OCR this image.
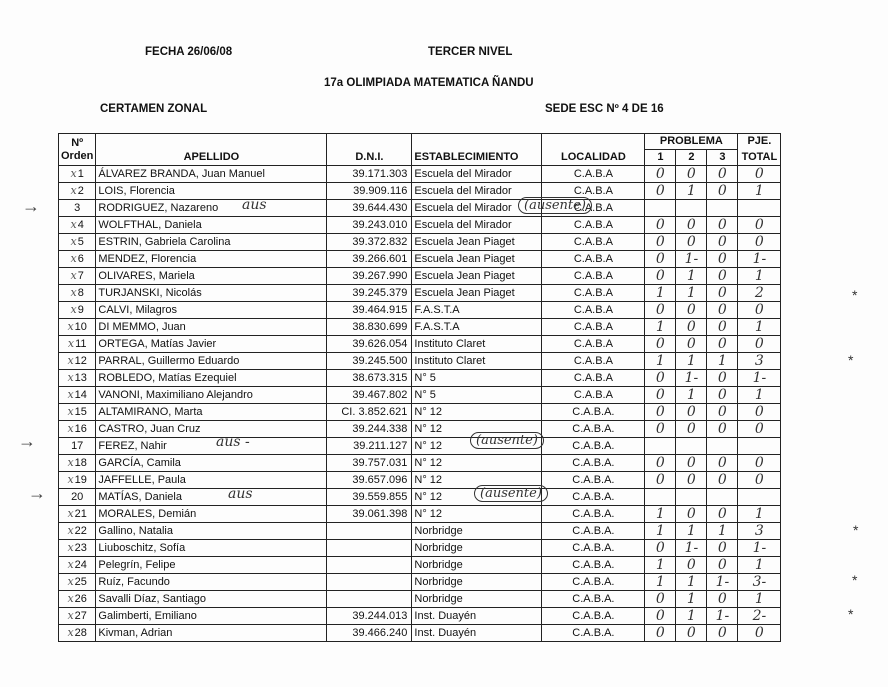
FECHA 26/06/08	TERCER NIVEL
17a OLIMPIADA MATEMATICA ÑANDU
CERTAMEN ZONAL	SEDE ESC Nº 4 DE 16
Nº Orden	APELLIDO	D.N.I.	ESTABLECIMIENTO	LOCALIDAD	PROBLEMA			PJE.
					1	2	3	TOTAL
x1	ÁLVAREZ BRANDA, Juan Manuel	39.171.303	Escuela del Mirador	C.A.B.A	0	0	0	0
x2	LOIS, Florencia	39.909.116	Escuela del Mirador	C.A.B.A	0	1	0	1
3	RODRIGUEZ, Nazareno	39.644.430	Escuela del Mirador	C.A.B.A				
x4	WOLFTHAL, Daniela	39.243.010	Escuela del Mirador	C.A.B.A	0	0	0	0
x5	ESTRIN, Gabriela Carolina	39.372.832	Escuela Jean Piaget	C.A.B.A	0	0	0	0
x6	MENDEZ, Florencia	39.266.601	Escuela Jean Piaget	C.A.B.A	0	1-	0	1-
x7	OLIVARES, Mariela	39.267.990	Escuela Jean Piaget	C.A.B.A	0	1	0	1
x8	TURJANSKI, Nicolás	39.245.379	Escuela Jean Piaget	C.A.B.A	1	1	0	2
x9	CALVI, Milagros	39.464.915	F.A.S.T.A	C.A.B.A	0	0	0	0
x10	DI MEMMO, Juan	38.830.699	F.A.S.T.A	C.A.B.A	1	0	0	1
x11	ORTEGA, Matías Javier	39.626.054	Instituto Claret	C.A.B.A	0	0	0	0
x12	PARRAL, Guillermo Eduardo	39.245.500	Instituto Claret	C.A.B.A	1	1	1	3
x13	ROBLEDO, Matías Ezequiel	38.673.315	N° 5	C.A.B.A	0	1-	0	1-
x14	VANONI, Maximiliano Alejandro	39.467.802	N° 5	C.A.B.A	0	1	0	1
x15	ALTAMIRANO, Marta	CI. 3.852.621	N° 12	C.A.B.A.	0	0	0	0
x16	CASTRO, Juan Cruz	39.244.338	N° 12	C.A.B.A.	0	0	0	0
17	FEREZ, Nahir	39.211.127	N° 12	C.A.B.A.				
x18	GARCÍA, Camila	39.757.031	N° 12	C.A.B.A.	0	0	0	0
x19	JAFFELLE, Paula	39.657.096	N° 12	C.A.B.A.	0	0	0	0
20	MATÍAS, Daniela	39.559.855	N° 12	C.A.B.A.				
x21	MORALES, Demián	39.061.398	N° 12	C.A.B.A.	1	0	0	1
x22	Gallino, Natalia		Norbridge	C.A.B.A.	1	1	1	3
x23	Liuboschitz, Sofía		Norbridge	C.A.B.A.	0	1-	0	1-
x24	Pelegrín, Felipe		Norbridge	C.A.B.A.	1	0	0	1
x25	Ruíz, Facundo		Norbridge	C.A.B.A.	1	1	1-	3-
x26	Savalli Díaz, Santiago		Norbridge	C.A.B.A.	0	1	0	1
x27	Galimberti, Emiliano	39.244.013	Inst. Duayén	C.A.B.A.	0	1	1-	2-
x28	Kivman, Adrian	39.466.240	Inst. Duayén	C.A.B.A.	0	0	0	0
→
→
→
aus
aus -
aus
(ausente)
(ausente)
(ausente)
*
*
*
*
*
